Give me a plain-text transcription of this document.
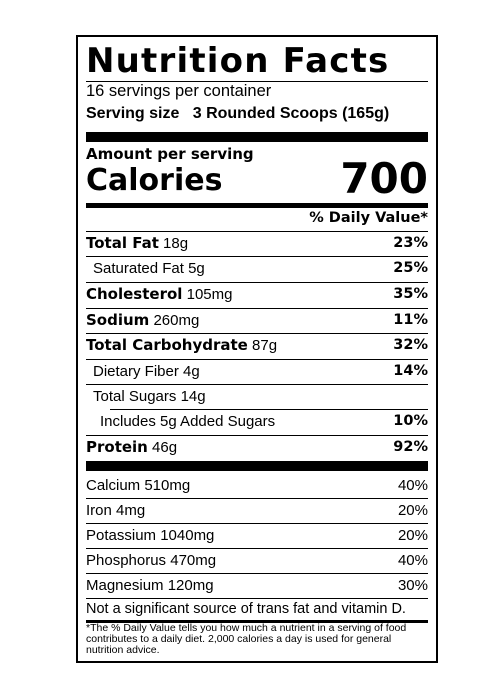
Nutrition Facts
16 servings per container
Serving size 3 Rounded Scoops (165g)
Amount per serving
Calories	700
% Daily Value*
Total Fat 18g	23%
Saturated Fat 5g	25%
Cholesterol 105mg	35%
Sodium 260mg	11%
Total Carbohydrate 87g	32%
Dietary Fiber 4g	14%
Total Sugars 14g
Includes 5g Added Sugars	10%
Protein 46g	92%
Calcium 510mg	40%
Iron 4mg	20%
Potassium 1040mg	20%
Phosphorus 470mg	40%
Magnesium 120mg	30%
Not a significant source of trans fat and vitamin D.
*The % Daily Value tells you how much a nutrient in a serving of food contributes to a daily diet. 2,000 calories a day is used for general nutrition advice.
